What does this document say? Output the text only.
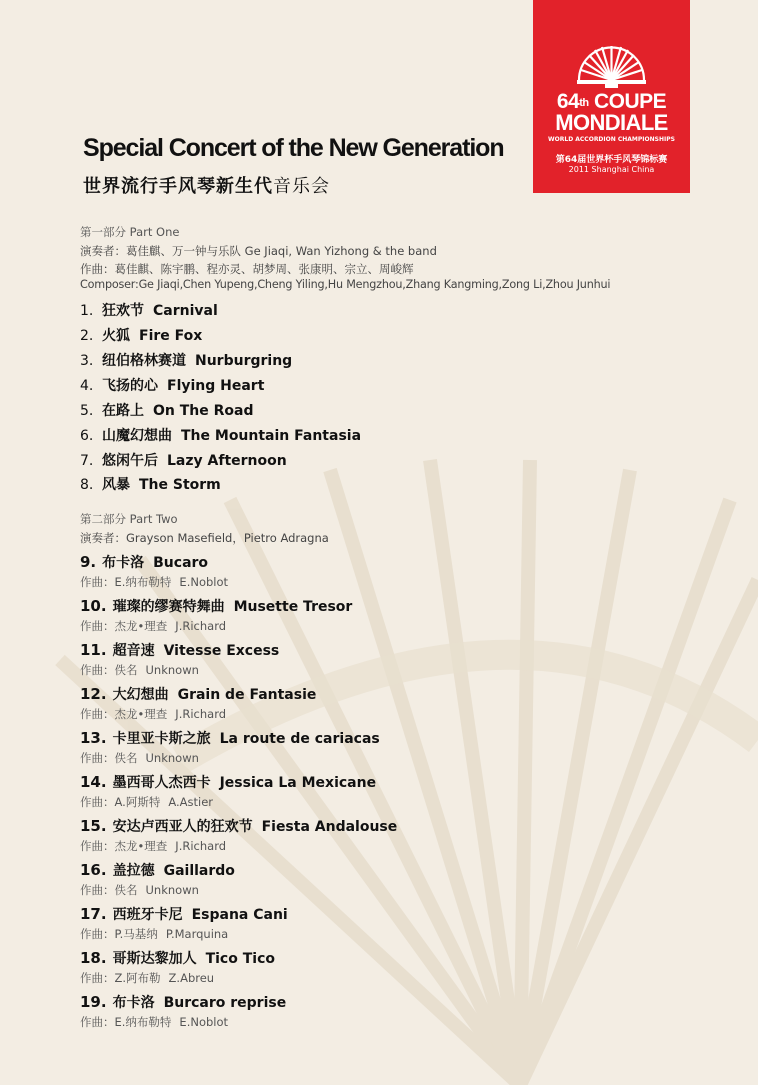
64th COUPE
MONDIALE
WORLD ACCORDION CHAMPIONSHIPS
第64届世界杯手风琴锦标赛
2011 Shanghai China
Special Concert of the New Generation
世界流行手风琴新生代音乐会
第一部分 Part One
演奏者：葛佳麒、万一钟与乐队 Ge Jiaqi, Wan Yizhong & the band
作曲：葛佳麒、陈宇鹏、程亦灵、胡梦周、张康明、宗立、周峻辉
Composer:Ge Jiaqi,Chen Yupeng,Cheng Yiling,Hu Mengzhou,Zhang Kangming,Zong Li,Zhou Junhui
1. 狂欢节 Carnival
2. 火狐 Fire Fox
3. 纽伯格林赛道 Nurburgring
4. 飞扬的心 Flying Heart
5. 在路上 On The Road
6. 山魔幻想曲 The Mountain Fantasia
7. 悠闲午后 Lazy Afternoon
8. 风暴 The Storm
第二部分 Part Two
演奏者：Grayson Masefield，Pietro Adragna
9. 布卡洛 Bucaro
作曲：E.纳布勒特 E.Noblot
10. 璀璨的缪赛特舞曲 Musette Tresor
作曲：杰龙•理查 J.Richard
11. 超音速 Vitesse Excess
作曲：佚名 Unknown
12. 大幻想曲 Grain de Fantasie
作曲：杰龙•理查 J.Richard
13. 卡里亚卡斯之旅 La route de cariacas
作曲：佚名 Unknown
14. 墨西哥人杰西卡 Jessica La Mexicane
作曲：A.阿斯特 A.Astier
15. 安达卢西亚人的狂欢节 Fiesta Andalouse
作曲：杰龙•理查 J.Richard
16. 盖拉德 Gaillardo
作曲：佚名 Unknown
17. 西班牙卡尼 Espana Cani
作曲：P.马基纳 P.Marquina
18. 哥斯达黎加人 Tico Tico
作曲：Z.阿布勒 Z.Abreu
19. 布卡洛 Burcaro reprise
作曲：E.纳布勒特 E.Noblot
